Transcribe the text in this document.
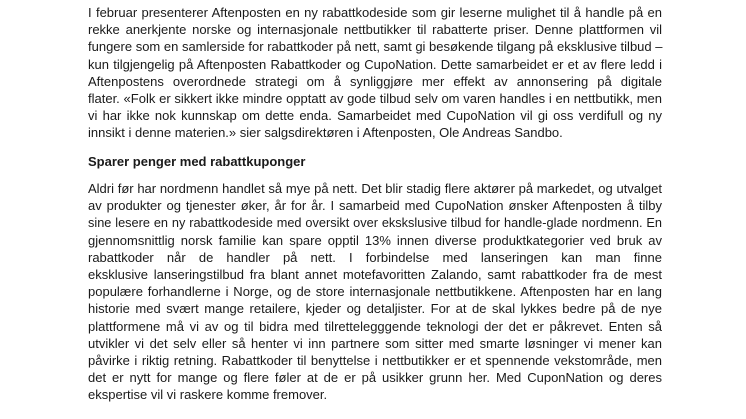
I februar presenterer Aftenposten en ny rabattkodeside som gir leserne mulighet til å handle på en
rekke anerkjente norske og internasjonale nettbutikker til rabatterte priser. Denne plattformen vil
fungere som en samlerside for rabattkoder på nett, samt gi besøkende tilgang på eksklusive tilbud –
kun tilgjengelig på Aftenposten Rabattkoder og CupoNation. Dette samarbeidet er et av flere ledd i
Aftenpostens overordnede strategi om å synliggjøre mer effekt av annonsering på digitale
flater. «Folk er sikkert ikke mindre opptatt av gode tilbud selv om varen handles i en nettbutikk, men
vi har ikke nok kunnskap om dette enda. Samarbeidet med CupoNation vil gi oss verdifull og ny
innsikt i denne materien.» sier salgsdirektøren i Aftenposten, Ole Andreas Sandbo.
Sparer penger med rabattkuponger
Aldri før har nordmenn handlet så mye på nett. Det blir stadig flere aktører på markedet, og utvalget
av produkter og tjenester øker, år for år. I samarbeid med CupoNation ønsker Aftenposten å tilby
sine lesere en ny rabattkodeside med oversikt over ekskslusive tilbud for handle-glade nordmenn. En
gjennomsnittlig norsk familie kan spare opptil 13% innen diverse produktkategorier ved bruk av
rabattkoder når de handler på nett. I forbindelse med lanseringen kan man finne
eksklusive lanseringstilbud fra blant annet motefavoritten Zalando, samt rabattkoder fra de mest
populære forhandlerne i Norge, og de store internasjonale nettbutikkene. Aftenposten har en lang
historie med svært mange retailere, kjeder og detaljister. For at de skal lykkes bedre på de nye
plattformene må vi av og til bidra med tilrettelegggende teknologi der det er påkrevet. Enten så
utvikler vi det selv eller så henter vi inn partnere som sitter med smarte løsninger vi mener kan
påvirke i riktig retning. Rabattkoder til benyttelse i nettbutikker er et spennende vekstområde, men
det er nytt for mange og flere føler at de er på usikker grunn her. Med CuponNation og deres
ekspertise vil vi raskere komme fremover.
